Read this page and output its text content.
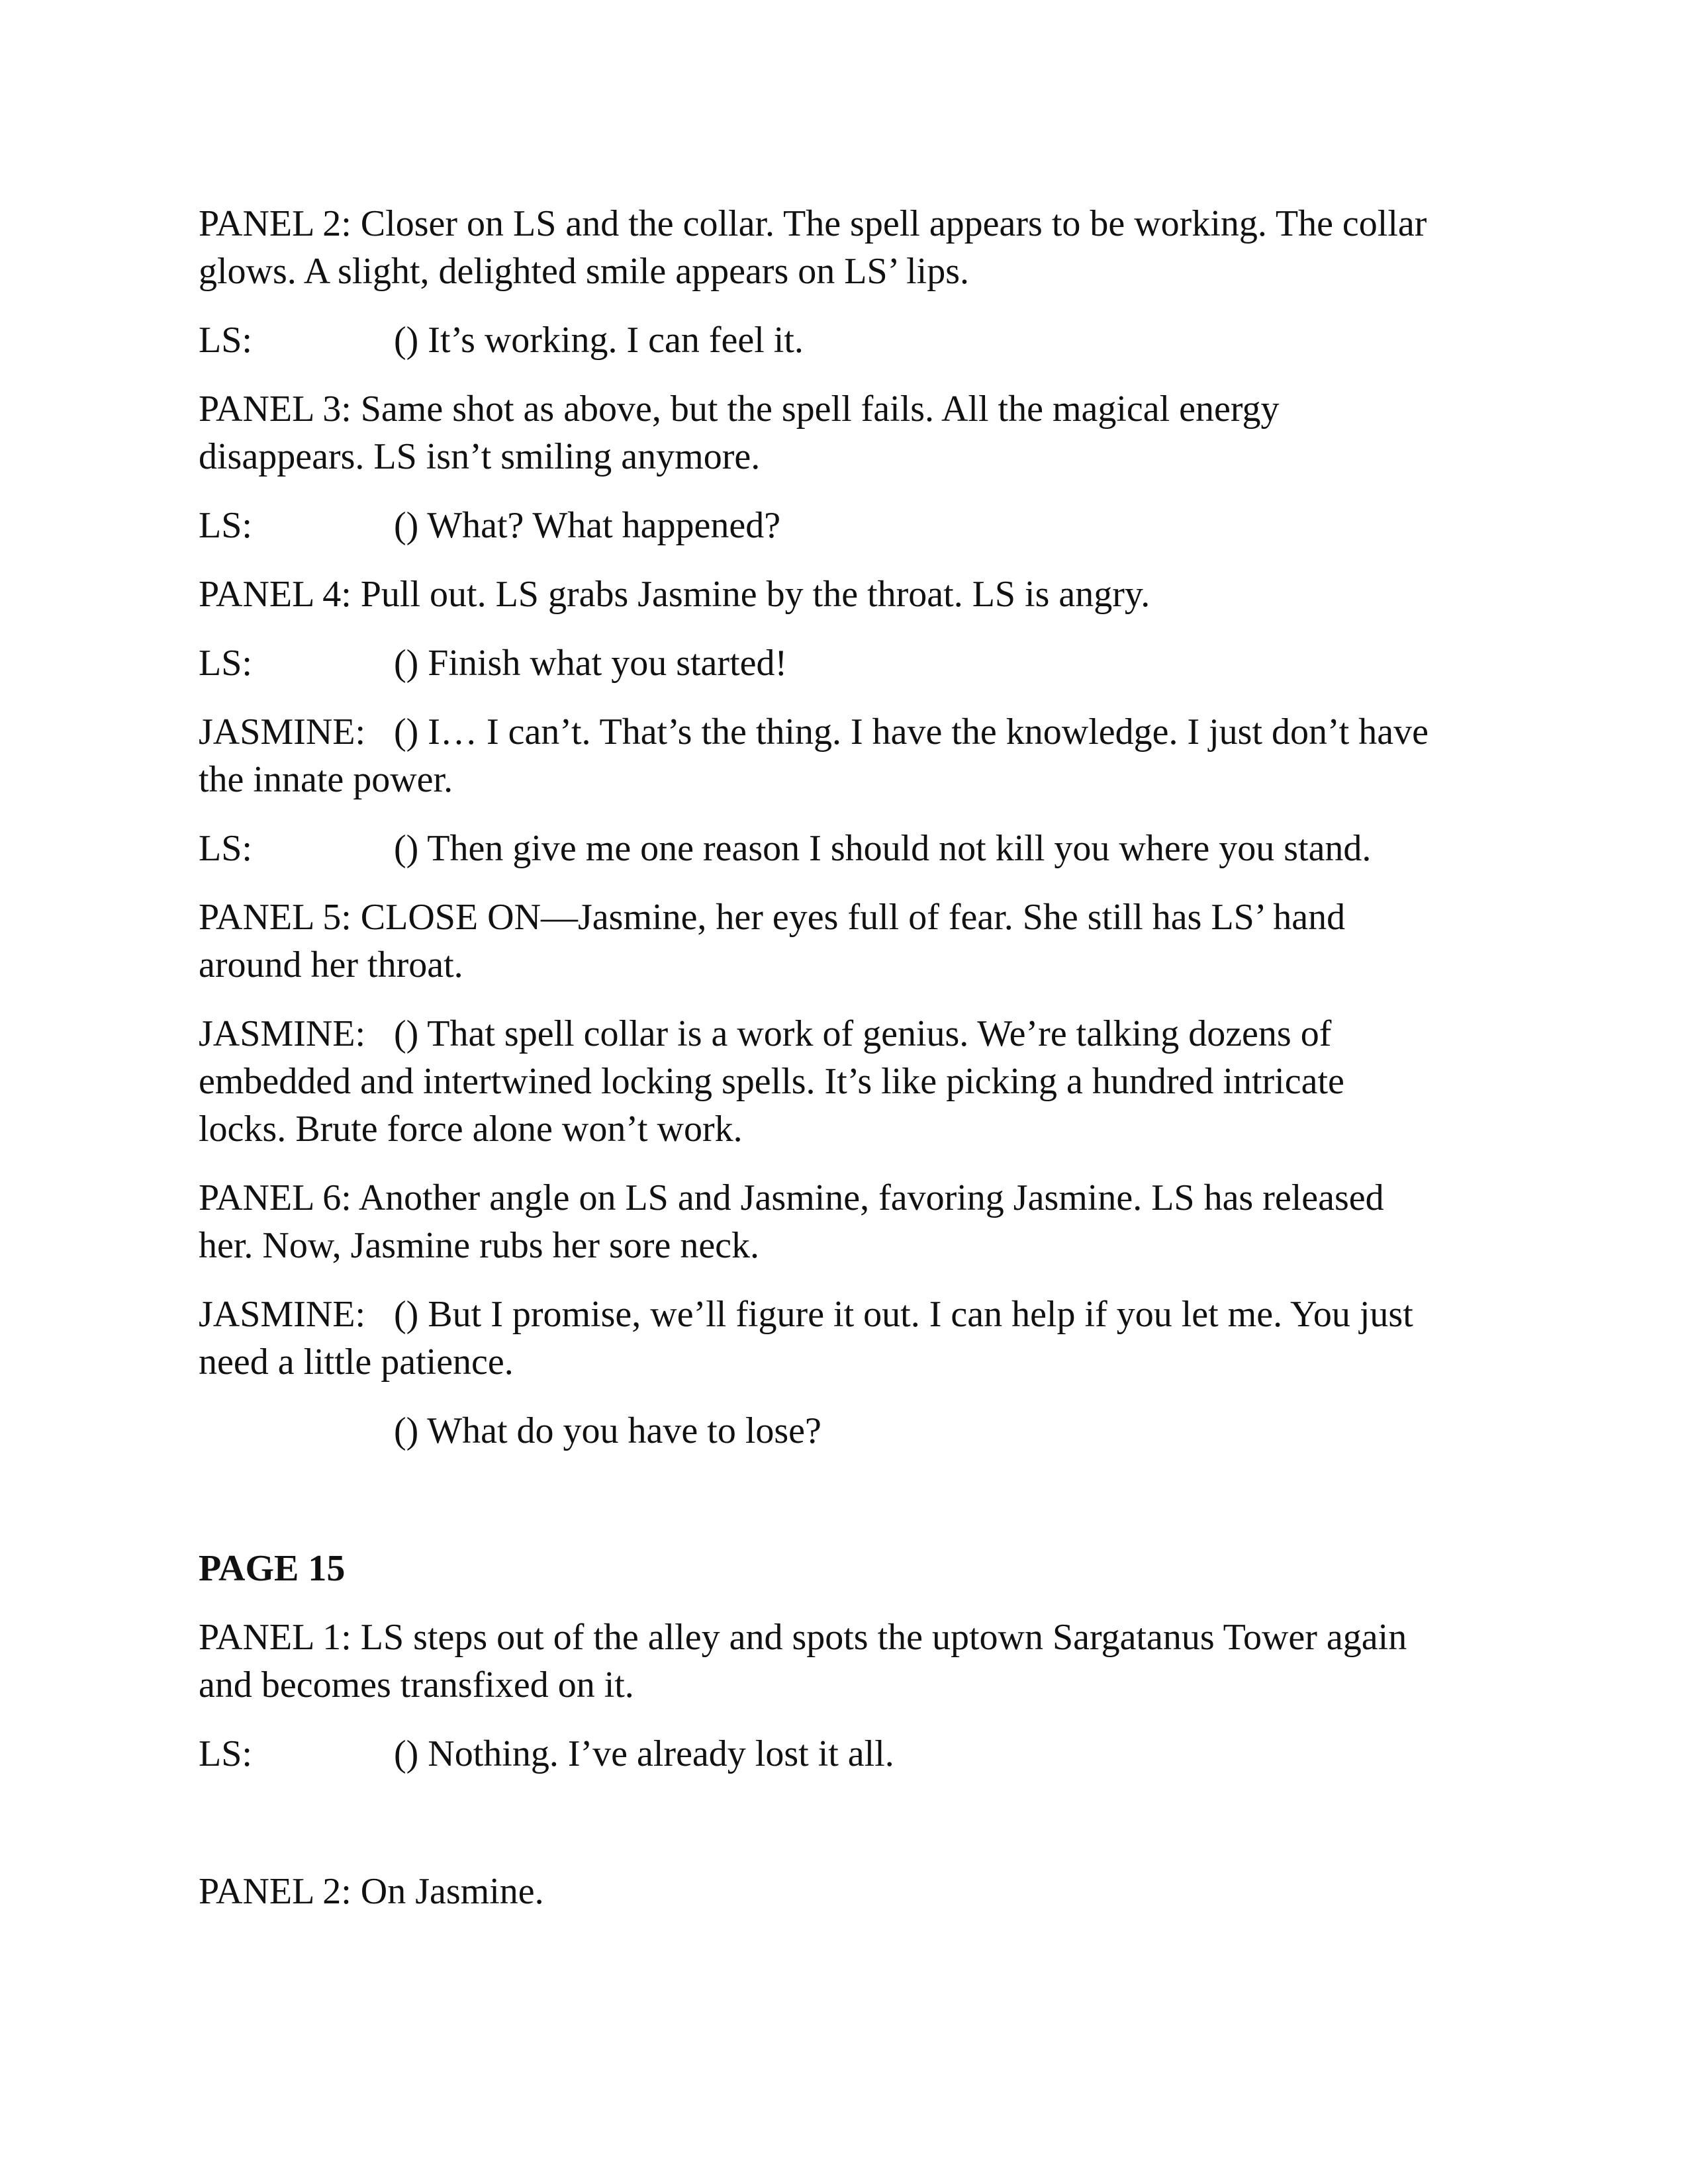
PANEL 2: Closer on LS and the collar. The spell appears to be working. The collar

glows. A slight, delighted smile appears on LS’ lips.

LS:	() It’s working. I can feel it.

PANEL 3: Same shot as above, but the spell fails. All the magical energy

disappears. LS isn’t smiling anymore.

LS:	() What? What happened?

PANEL 4: Pull out. LS grabs Jasmine by the throat. LS is angry.

LS:	() Finish what you started!

JASMINE: () I… I can’t. That’s the thing. I have the knowledge. I just don’t have

the innate power.

LS:	() Then give me one reason I should not kill you where you stand.

PANEL 5: CLOSE ON—Jasmine, her eyes full of fear. She still has LS’ hand

around her throat.

JASMINE: () That spell collar is a work of genius. We’re talking dozens of

embedded and intertwined locking spells. It’s like picking a hundred intricate

locks. Brute force alone won’t work.

PANEL 6: Another angle on LS and Jasmine, favoring Jasmine. LS has released

her. Now, Jasmine rubs her sore neck.

JASMINE: () But I promise, we’ll figure it out. I can help if you let me. You just

need a little patience.

() What do you have to lose?

PAGE 15

PANEL 1: LS steps out of the alley and spots the uptown Sargatanus Tower again

and becomes transfixed on it.

LS:	() Nothing. I’ve already lost it all.

PANEL 2: On Jasmine.
